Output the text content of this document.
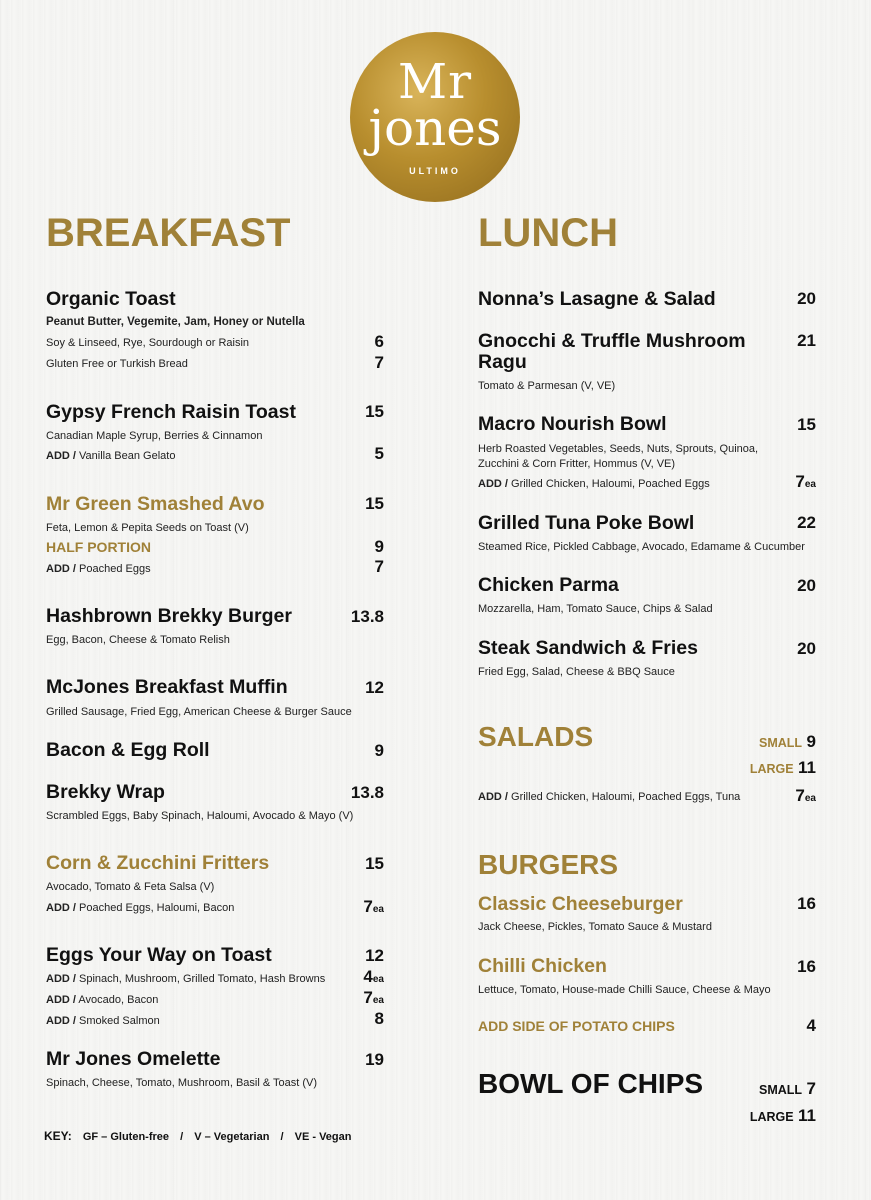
Mr
jones
ULTIMO
BREAKFAST
Organic Toast
Peanut Butter, Vegemite, Jam, Honey or Nutella
Soy & Linseed, Rye, Sourdough or Raisin	6
Gluten Free or Turkish Bread	7
Gypsy French Raisin Toast	15
Canadian Maple Syrup, Berries & Cinnamon
ADD / Vanilla Bean Gelato	5
Mr Green Smashed Avo	15
Feta, Lemon & Pepita Seeds on Toast (V)
HALF PORTION	9
ADD / Poached Eggs	7
Hashbrown Brekky Burger	13.8
Egg, Bacon, Cheese & Tomato Relish
McJones Breakfast Muffin	12
Grilled Sausage, Fried Egg, American Cheese & Burger Sauce
Bacon & Egg Roll	9
Brekky Wrap	13.8
Scrambled Eggs, Baby Spinach, Haloumi, Avocado & Mayo (V)
Corn & Zucchini Fritters	15
Avocado, Tomato & Feta Salsa (V)
ADD / Poached Eggs, Haloumi, Bacon	7ea
Eggs Your Way on Toast	12
ADD / Spinach, Mushroom, Grilled Tomato, Hash Browns	4ea
ADD / Avocado, Bacon	7ea
ADD / Smoked Salmon	8
Mr Jones Omelette	19
Spinach, Cheese, Tomato, Mushroom, Basil & Toast (V)
KEY: GF – Gluten-free / V – Vegetarian / VE - Vegan
LUNCH
Nonna’s Lasagne & Salad	20
Gnocchi & Truffle Mushroom	21
Ragu
Tomato & Parmesan (V, VE)
Macro Nourish Bowl	15
Herb Roasted Vegetables, Seeds, Nuts, Sprouts, Quinoa,
Zucchini & Corn Fritter, Hommus (V, VE)
ADD / Grilled Chicken, Haloumi, Poached Eggs	7ea
Grilled Tuna Poke Bowl	22
Steamed Rice, Pickled Cabbage, Avocado, Edamame & Cucumber
Chicken Parma	20
Mozzarella, Ham, Tomato Sauce, Chips & Salad
Steak Sandwich & Fries	20
Fried Egg, Salad, Cheese & BBQ Sauce
SALADS	SMALL 9
LARGE 11
ADD / Grilled Chicken, Haloumi, Poached Eggs, Tuna	7ea
BURGERS
Classic Cheeseburger	16
Jack Cheese, Pickles, Tomato Sauce & Mustard
Chilli Chicken	16
Lettuce, Tomato, House-made Chilli Sauce, Cheese & Mayo
ADD SIDE OF POTATO CHIPS	4
BOWL OF CHIPS	SMALL 7
LARGE 11
